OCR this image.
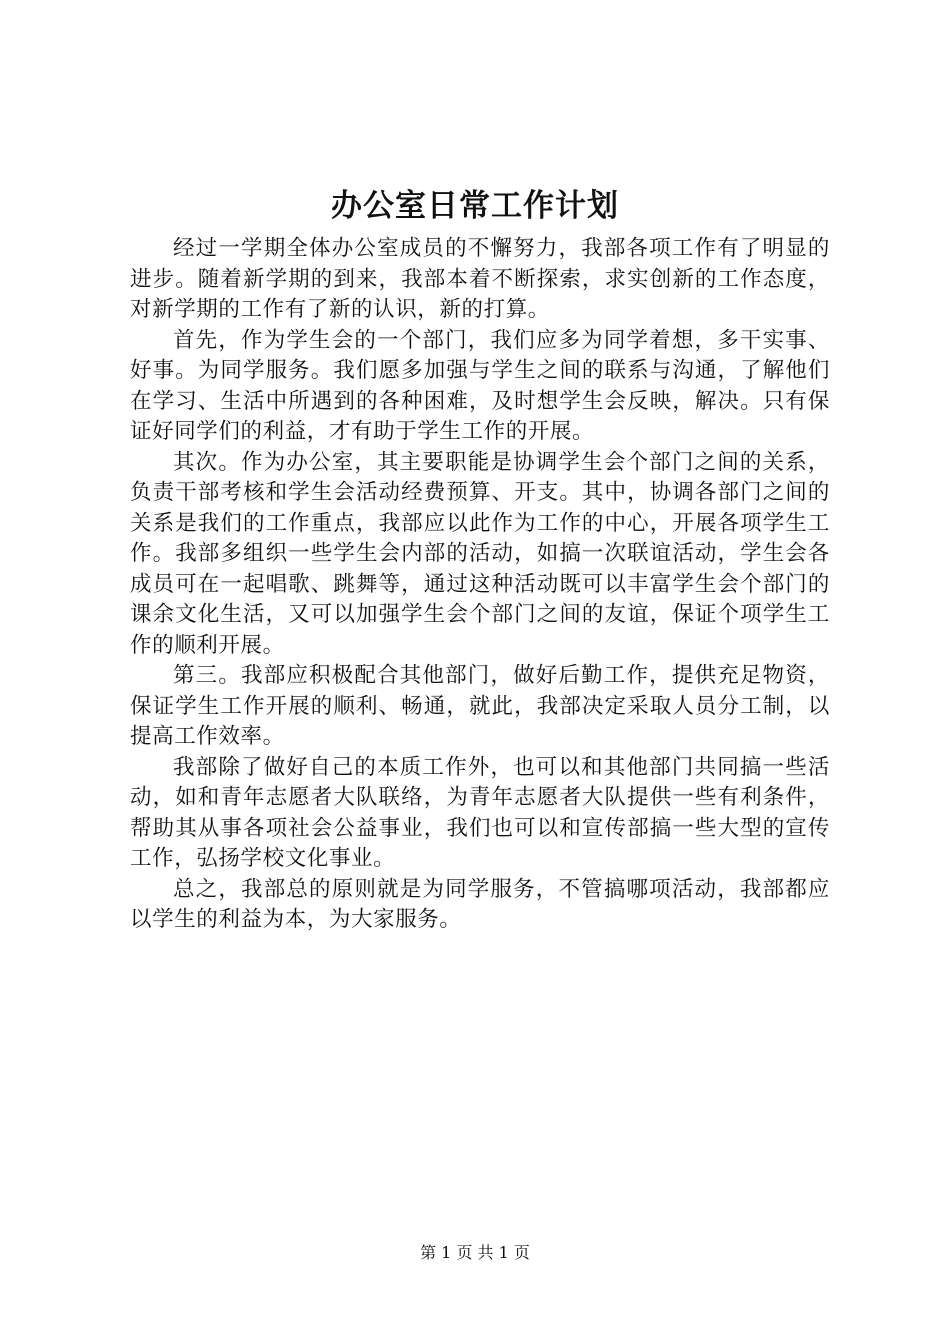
办公室日常工作计划

经过一学期全体办公室成员的不懈努力，我部各项工作有了明显的进步。随着新学期的到来，我部本着不断探索，求实创新的工作态度，对新学期的工作有了新的认识，新的打算。

首先，作为学生会的一个部门，我们应多为同学着想，多干实事、好事。为同学服务。我们愿多加强与学生之间的联系与沟通，了解他们在学习、生活中所遇到的各种困难，及时想学生会反映，解决。只有保证好同学们的利益，才有助于学生工作的开展。

其次。作为办公室，其主要职能是协调学生会个部门之间的关系，负责干部考核和学生会活动经费预算、开支。其中，协调各部门之间的关系是我们的工作重点，我部应以此作为工作的中心，开展各项学生工作。我部多组织一些学生会内部的活动，如搞一次联谊活动，学生会各成员可在一起唱歌、跳舞等，通过这种活动既可以丰富学生会个部门的课余文化生活，又可以加强学生会个部门之间的友谊，保证个项学生工作的顺利开展。

第三。我部应积极配合其他部门，做好后勤工作，提供充足物资，保证学生工作开展的顺利、畅通，就此，我部决定采取人员分工制，以提高工作效率。

我部除了做好自己的本质工作外，也可以和其他部门共同搞一些活动，如和青年志愿者大队联络，为青年志愿者大队提供一些有利条件，帮助其从事各项社会公益事业，我们也可以和宣传部搞一些大型的宣传工作，弘扬学校文化事业。

总之，我部总的原则就是为同学服务，不管搞哪项活动，我部都应以学生的利益为本，为大家服务。

第 1 页 共 1 页
